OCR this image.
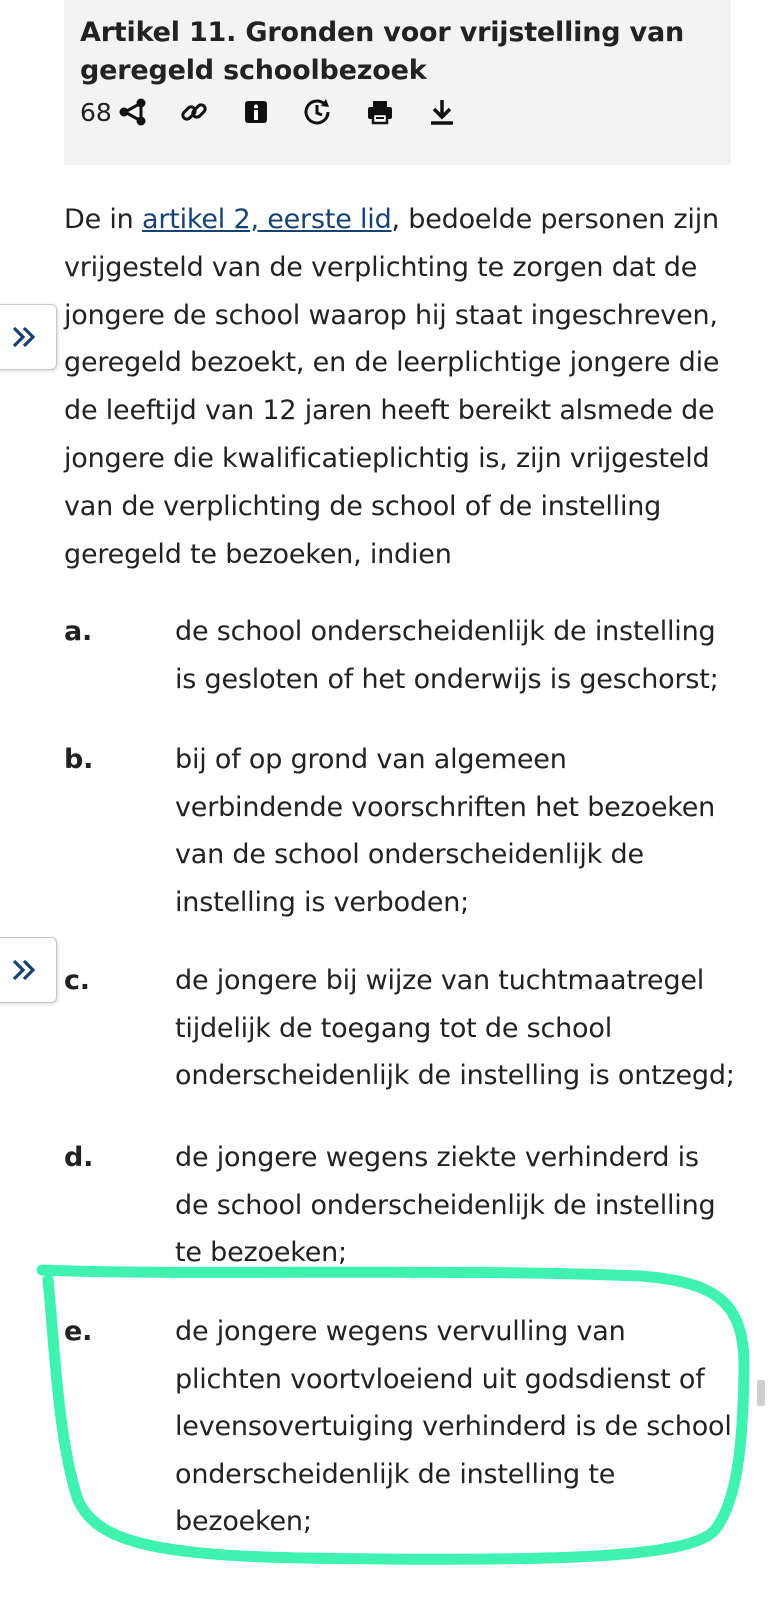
Artikel 11. Gronden voor vrijstelling van geregeld schoolbezoek
68

De in artikel 2, eerste lid, bedoelde personen zijn vrijgesteld van de verplichting te zorgen dat de jongere de school waarop hij staat ingeschreven, geregeld bezoekt, en de leerplichtige jongere die de leeftijd van 12 jaren heeft bereikt alsmede de jongere die kwalificatieplichtig is, zijn vrijgesteld van de verplichting de school of de instelling geregeld te bezoeken, indien

a.	de school onderscheidenlijk de instelling is gesloten of het onderwijs is geschorst;
b.	bij of op grond van algemeen verbindende voorschriften het bezoeken van de school onderscheidenlijk de instelling is verboden;
c.	de jongere bij wijze van tuchtmaatregel tijdelijk de toegang tot de school onderscheidenlijk de instelling is ontzegd;
d.	de jongere wegens ziekte verhinderd is de school onderscheidenlijk de instelling te bezoeken;
e.	de jongere wegens vervulling van plichten voortvloeiend uit godsdienst of levensovertuiging verhinderd is de school onderscheidenlijk de instelling te bezoeken;
